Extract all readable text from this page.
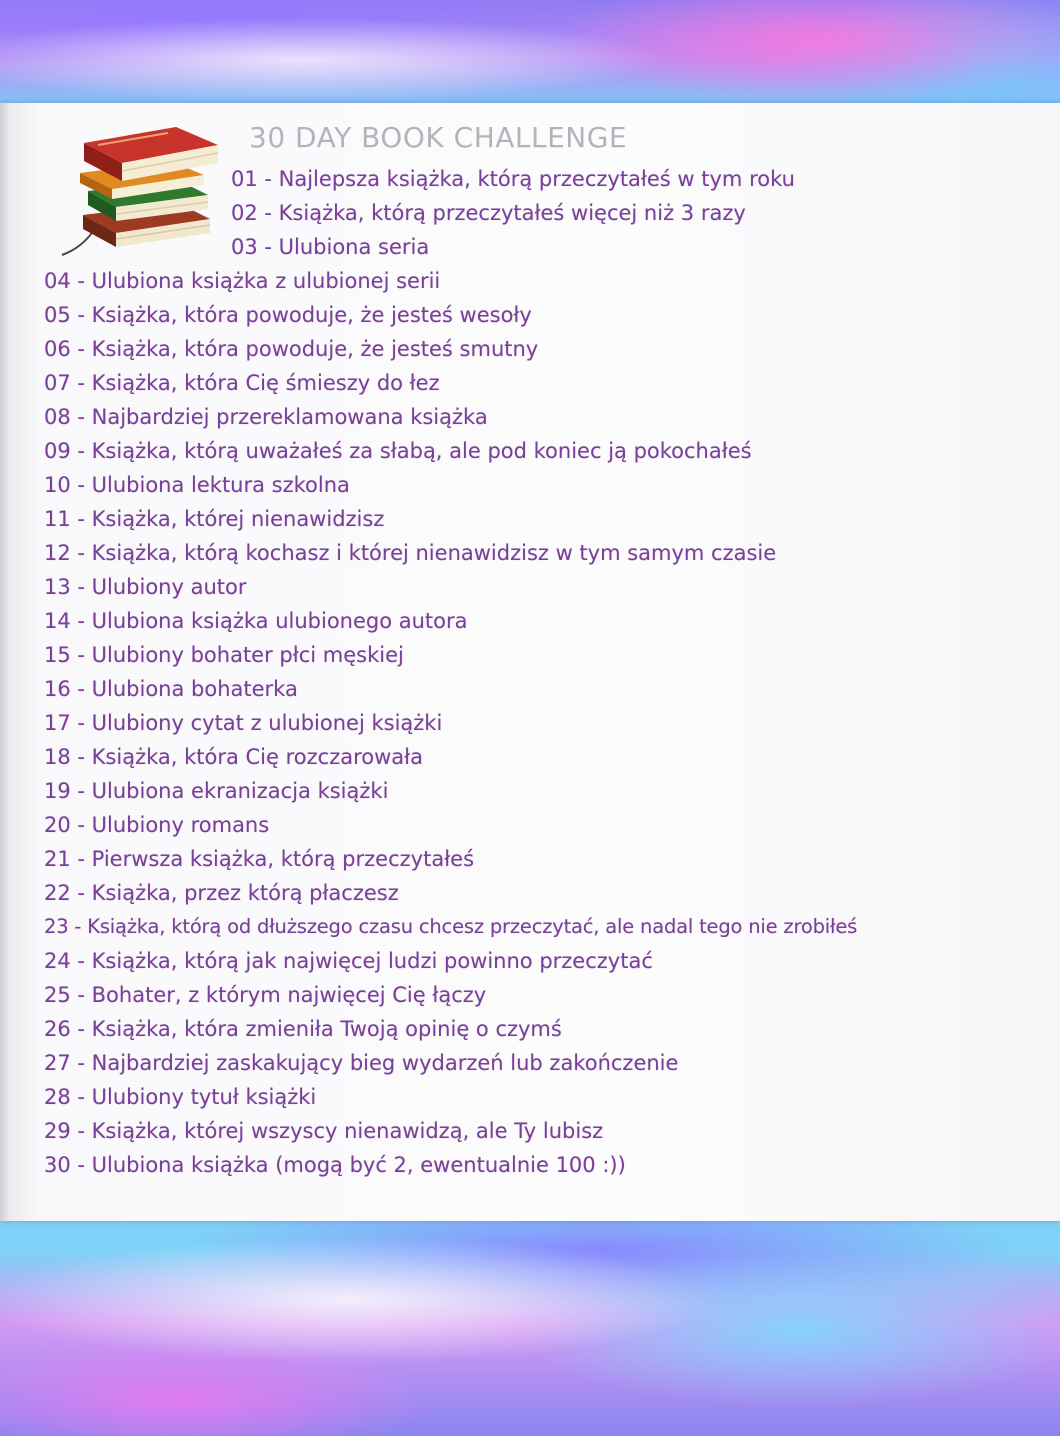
30 DAY BOOK CHALLENGE
01 - Najlepsza książka, którą przeczytałeś w tym roku
02 - Książka, którą przeczytałeś więcej niż 3 razy
03 - Ulubiona seria
04 - Ulubiona książka z ulubionej serii
05 - Książka, która powoduje, że jesteś wesoły
06 - Książka, która powoduje, że jesteś smutny
07 - Książka, która Cię śmieszy do łez
08 - Najbardziej przereklamowana książka
09 - Książka, którą uważałeś za słabą, ale pod koniec ją pokochałeś
10 - Ulubiona lektura szkolna
11 - Książka, której nienawidzisz
12 - Książka, którą kochasz i której nienawidzisz w tym samym czasie
13 - Ulubiony autor
14 - Ulubiona książka ulubionego autora
15 - Ulubiony bohater płci męskiej
16 - Ulubiona bohaterka
17 - Ulubiony cytat z ulubionej książki
18 - Książka, która Cię rozczarowała
19 - Ulubiona ekranizacja książki
20 - Ulubiony romans
21 - Pierwsza książka, którą przeczytałeś
22 - Książka, przez którą płaczesz
23 - Książka, którą od dłuższego czasu chcesz przeczytać, ale nadal tego nie zrobiłeś
24 - Książka, którą jak najwięcej ludzi powinno przeczytać
25 - Bohater, z którym najwięcej Cię łączy
26 - Książka, która zmieniła Twoją opinię o czymś
27 - Najbardziej zaskakujący bieg wydarzeń lub zakończenie
28 - Ulubiony tytuł książki
29 - Książka, której wszyscy nienawidzą, ale Ty lubisz
30 - Ulubiona książka (mogą być 2, ewentualnie 100 :))
